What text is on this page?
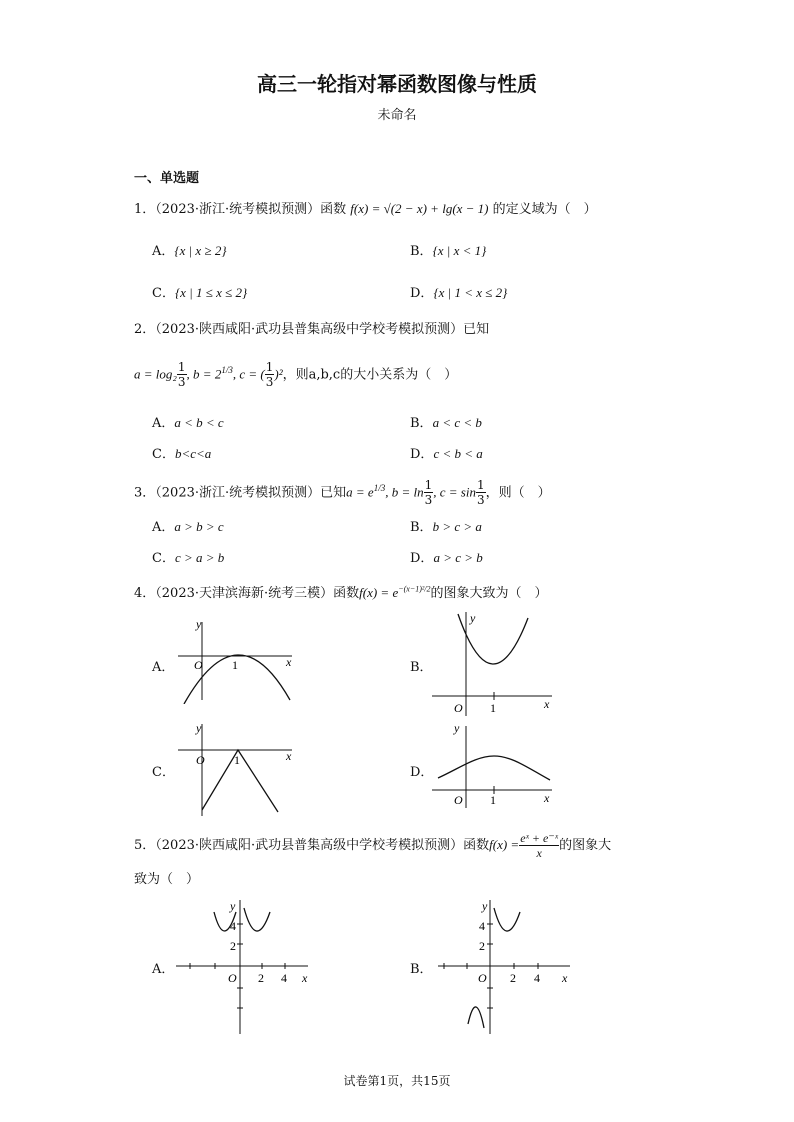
高三一轮指对幂函数图像与性质
未命名
一、单选题
1．（2023·浙江·统考模拟预测）函数 f(x) = √(2 − x) + lg(x − 1) 的定义域为（　）
A．{x | x ≥ 2}	B．{x | x < 1}
C．{x | 1 ≤ x ≤ 2}	D．{x | 1 < x ≤ 2}
2．（2023·陕西咸阳·武功县普集高级中学校考模拟预测）已知
$a = \log_2 \frac{1}{3}$ , $b = 2^{1/3}$, c = ( $\frac{1}{3} )^2$，则a,b,c的大小关系为（　）
A．a < b < c	B．a < c < b
C．b<c<a	D．c < b < a
3．（2023·浙江·统考模拟预测）已知$a = e^{1/3}$, $b = \ln \frac{1}{3}$ , $c = \sin \frac{1}{3}$ ，则（　）
A．a > b > c	B．b > c > a
C．c > a > b	D．a > c > b
4．（2023·天津滨海新·统考三模）函数$f(x) = e^{-(x-1)^2/2}$的图象大致为（　）
A．
y
O 1	x	B．
y
O 1	x
C．
y
O 1	x
D．
y
O 1	x
5．（2023·陕西咸阳·武功县普集高级中学校考模拟预测）函数$f(x) = \frac{\text{eˣ + e⁻ˣ}}{x}$ 的图象大
致为（　）
A．
y
4
2
O 2 4 x
B．
y
4
2
O 2 4 x
试卷第1页，共15页
